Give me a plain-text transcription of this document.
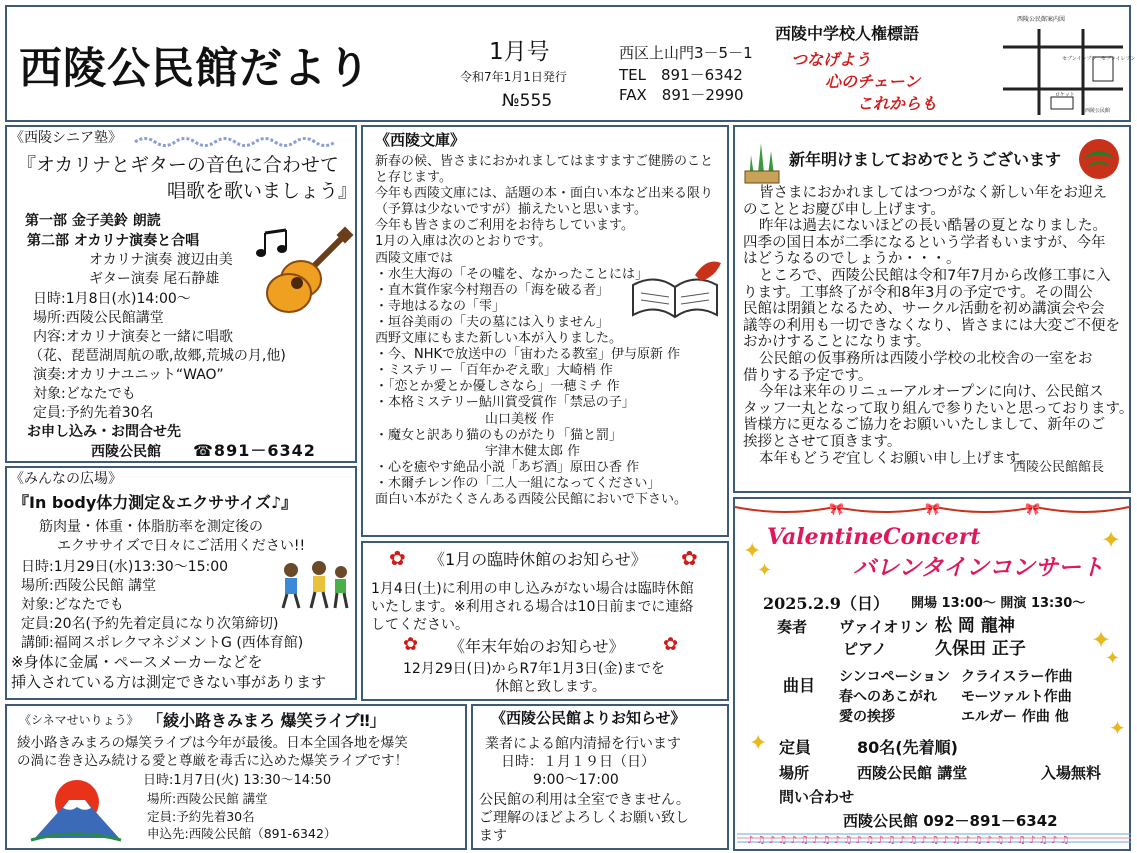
西陵公民館だより	1月号
令和7年1月1日発行
№555
西区上山門3－5－1
TEL　891－6342
FAX　891－2990
西陵中学校人権標語
つなげよう
心のチェーン
これからも
西陵公民館案内図
セブンイレブン
西陵公民館
ロケット
セブンイレブン
《西陵シニア塾》
『オカリナとギターの音色に合わせて
唱歌を歌いましょう』
第一部 金子美鈴 朗読
第二部 オカリナ演奏と合唱
オカリナ演奏 渡辺由美
ギター演奏 尾石静雄
日時:1月8日(水)14:00～
場所:西陵公民館講堂
内容:オカリナ演奏と一緒に唱歌
（花、琵琶湖周航の歌,故郷,荒城の月,他)
演奏:オカリナユニット“WAO”
対象:どなたでも
定員:予約先着30名
お申し込み・お問合せ先
西陵公民館 ☎891－6342
《みんなの広場》
『In body体力測定＆エクササイズ♪』
筋肉量・体重・体脂肪率を測定後の
エクササイズで日々にご活用ください!!
日時:1月29日(水)13:30～15:00
場所:西陵公民館 講堂
対象:どなたでも
定員:20名(予約先着定員になり次第締切)
講師:福岡スポレクマネジメントG (西体育館)
※身体に金属・ペースメーカーなどを
挿入されている方は測定できない事があります
《西陵文庫》
新春の候、皆さまにおかれましてはますますご健勝のこと
と存じます。
今年も西陵文庫には、話題の本・面白い本など出来る限り
（予算は少ないですが）揃えたいと思います。
今年も皆さまのご利用をお待ちしています。
1月の入庫は次のとおりです。
西陵文庫では
・水生大海の「その噓を、なかったことには」
・直木賞作家今村翔吾の「海を破る者」
・寺地はるなの「雫」
・垣谷美雨の「夫の墓には入りません」
西野文庫にもまた新しい本が入りました。
・今、NHKで放送中の「宙わたる教室」伊与原新 作
・ミステリー「百年かぞえ歌」大崎梢 作
・「恋とか愛とか優しさなら」一穂ミチ 作
・本格ミステリー鮎川賞受賞作「禁忌の子」
山口美桜 作
・魔女と訳あり猫のものがたり「猫と罰」
宇津木健太郎 作
・心を癒やす絶品小説「あぢ酒」原田ひ香 作
・木爾チレン作の「二人一組になってください」
面白い本がたくさんある西陵公民館においで下さい。
《1月の臨時休館のお知らせ》
✿	✿
1月4日(土)に利用の申し込みがない場合は臨時休館
いたします。※利用される場合は10日前までに連絡
してください。
✿ 《年末年始のお知らせ》 ✿
12月29日(日)からR7年1月3日(金)までを
休館と致します。
新年明けましておめでとうございます
皆さまにおかれましてはつつがなく新しい年をお迎え
のこととお慶び申し上げます。
昨年は過去にないほどの長い酷暑の夏となりました。
四季の国日本が二季になるという学者もいますが、今年
はどうなるのでしょうか・・・。
ところで、西陵公民館は令和7年7月から改修工事に入
ります。工事終了が令和8年3月の予定です。その間公
民館は閉鎖となるため、サークル活動を初め講演会や会
議等の利用も一切できなくなり、皆さまには大変ご不便を
おかけすることになります。
公民館の仮事務所は西陵小学校の北校舎の一室をお
借りする予定です。
今年は来年のリニューアルオープンに向け、公民館ス
タッフ一丸となって取り組んで参りたいと思っております。
皆様方に更なるご協力をお願いいたしまして、新年のご
挨拶とさせて頂きます。
本年もどうぞ宜しくお願い申し上げます。
西陵公民館館長
🎀	🎀	🎀
ValentineConcert
バレンタインコンサート
✦
✦
✦
✦
✦
✦
✦
2025.2.9（日） 開場 13:00～ 開演 13:30～
奏者 ヴァイオリン 松 岡 龍神
ピアノ	久保田 正子
曲目 シンコペーション クライスラー作曲
春へのあこがれ モーツァルト作曲
愛の挨拶	エルガー 作曲 他
定員	80名(先着順)
場所	西陵公民館 講堂	入場無料
問い合わせ
西陵公民館 092－891－6342
♪ ♫ ♪ ♫ ♪ ♫ ♪ ♫ ♪ ♫ ♪ ♫ ♪ ♫ ♪ ♫ ♪ ♫ ♪ ♫ ♪ ♫ ♪ ♫ ♪ ♫ ♪ ♫ ♪ ♫
《シネマせいりょう》 「綾小路きみまろ 爆笑ライブ‼」
綾小路きみまろの爆笑ライブは今年が最後。日本全国各地を爆笑
の渦に巻き込み続ける愛と尊厳を毒舌に込めた爆笑ライブです！
日時:1月7日(火) 13:30～14:50
場所:西陵公民館 講堂
定員:予約先着30名
申込先:西陵公民館（891-6342）
《西陵公民館よりお知らせ》
業者による館内清掃を行います
日時：１月１９日（日）
9:00～17:00
公民館の利用は全室できません。
ご理解のほどよろしくお願い致し
ます
